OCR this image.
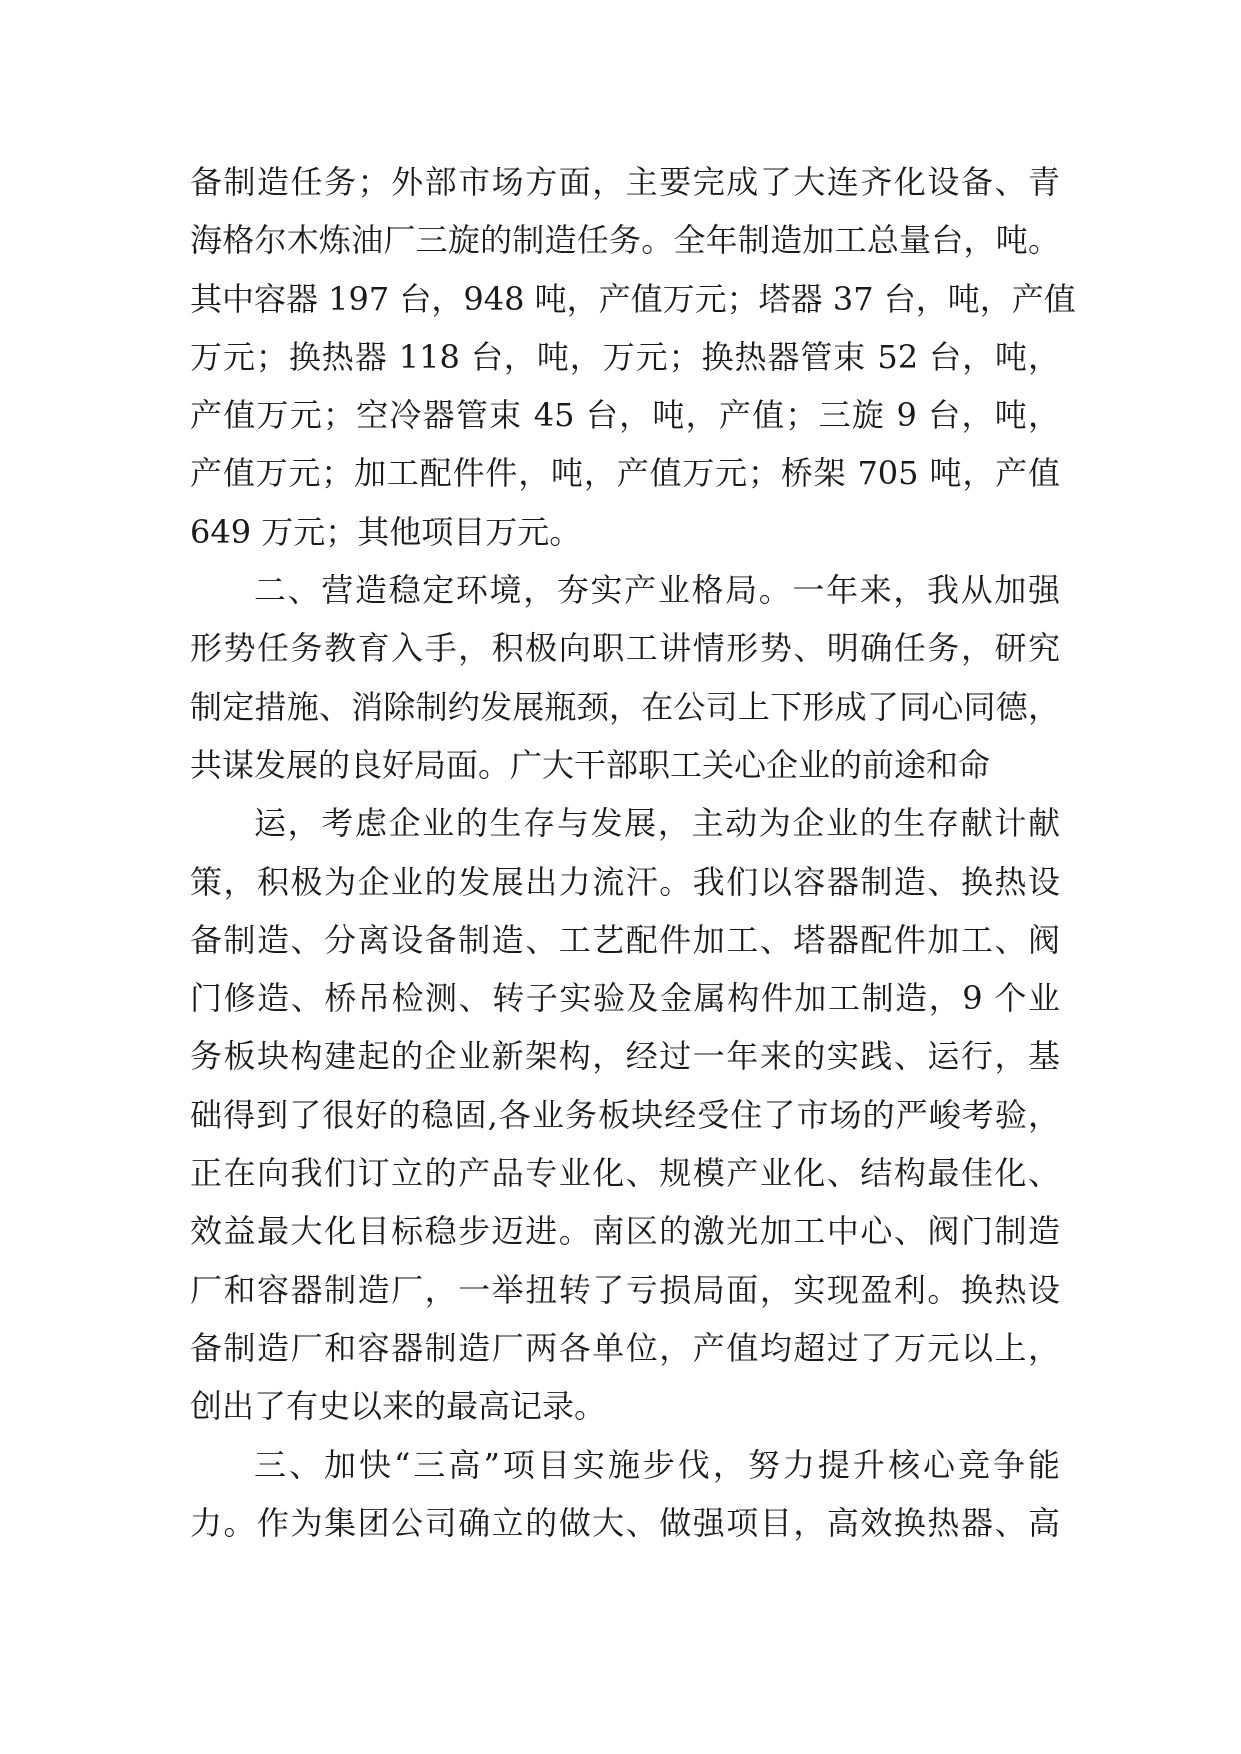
备制造任务；外部市场方面，主要完成了大连齐化设备、青
海格尔木炼油厂三旋的制造任务。全年制造加工总量台，吨。
其中容器 197 台，948 吨，产值万元；塔器 37 台，吨，产值
万元；换热器 118 台，吨，万元；换热器管束 52 台，吨，
产值万元；空冷器管束 45 台，吨，产值；三旋 9 台，吨，
产值万元；加工配件件，吨，产值万元；桥架 705 吨，产值
649 万元；其他项目万元。
二、营造稳定环境，夯实产业格局。一年来，我从加强
形势任务教育入手，积极向职工讲情形势、明确任务，研究
制定措施、消除制约发展瓶颈，在公司上下形成了同心同德，
共谋发展的良好局面。广大干部职工关心企业的前途和命
运，考虑企业的生存与发展，主动为企业的生存献计献
策，积极为企业的发展出力流汗。我们以容器制造、换热设
备制造、分离设备制造、工艺配件加工、塔器配件加工、阀
门修造、桥吊检测、转子实验及金属构件加工制造，9 个业
务板块构建起的企业新架构，经过一年来的实践、运行，基
础得到了很好的稳固,各业务板块经受住了市场的严峻考验，
正在向我们订立的产品专业化、规模产业化、结构最佳化、
效益最大化目标稳步迈进。南区的激光加工中心、阀门制造
厂和容器制造厂，一举扭转了亏损局面，实现盈利。换热设
备制造厂和容器制造厂两各单位，产值均超过了万元以上，
创出了有史以来的最高记录。
三、加快“三高”项目实施步伐，努力提升核心竞争能
力。作为集团公司确立的做大、做强项目，高效换热器、高
